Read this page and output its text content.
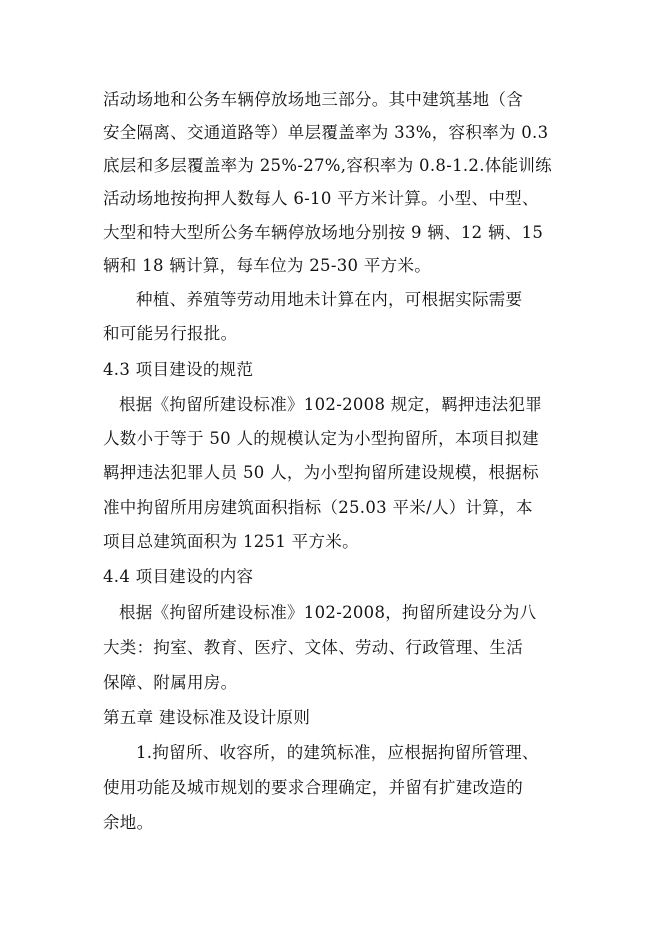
活动场地和公务车辆停放场地三部分。其中建筑基地（含
安全隔离、交通道路等）单层覆盖率为 33%，容积率为 0.3
底层和多层覆盖率为 25%-27%,容积率为 0.8-1.2.体能训练
活动场地按拘押人数每人 6-10 平方米计算。小型、中型、
大型和特大型所公务车辆停放场地分别按 9 辆、12 辆、15
辆和 18 辆计算，每车位为 25-30 平方米。
种植、养殖等劳动用地未计算在内，可根据实际需要
和可能另行报批。
4.3 项目建设的规范
根据《拘留所建设标准》102-2008 规定，羁押违法犯罪
人数小于等于 50 人的规模认定为小型拘留所，本项目拟建
羁押违法犯罪人员 50 人，为小型拘留所建设规模，根据标
准中拘留所用房建筑面积指标（25.03 平米/人）计算，本
项目总建筑面积为 1251 平方米。
4.4 项目建设的内容
根据《拘留所建设标准》102-2008，拘留所建设分为八
大类：拘室、教育、医疗、文体、劳动、行政管理、生活
保障、附属用房。
第五章 建设标准及设计原则
1.拘留所、收容所，的建筑标准，应根据拘留所管理、
使用功能及城市规划的要求合理确定，并留有扩建改造的
余地。
